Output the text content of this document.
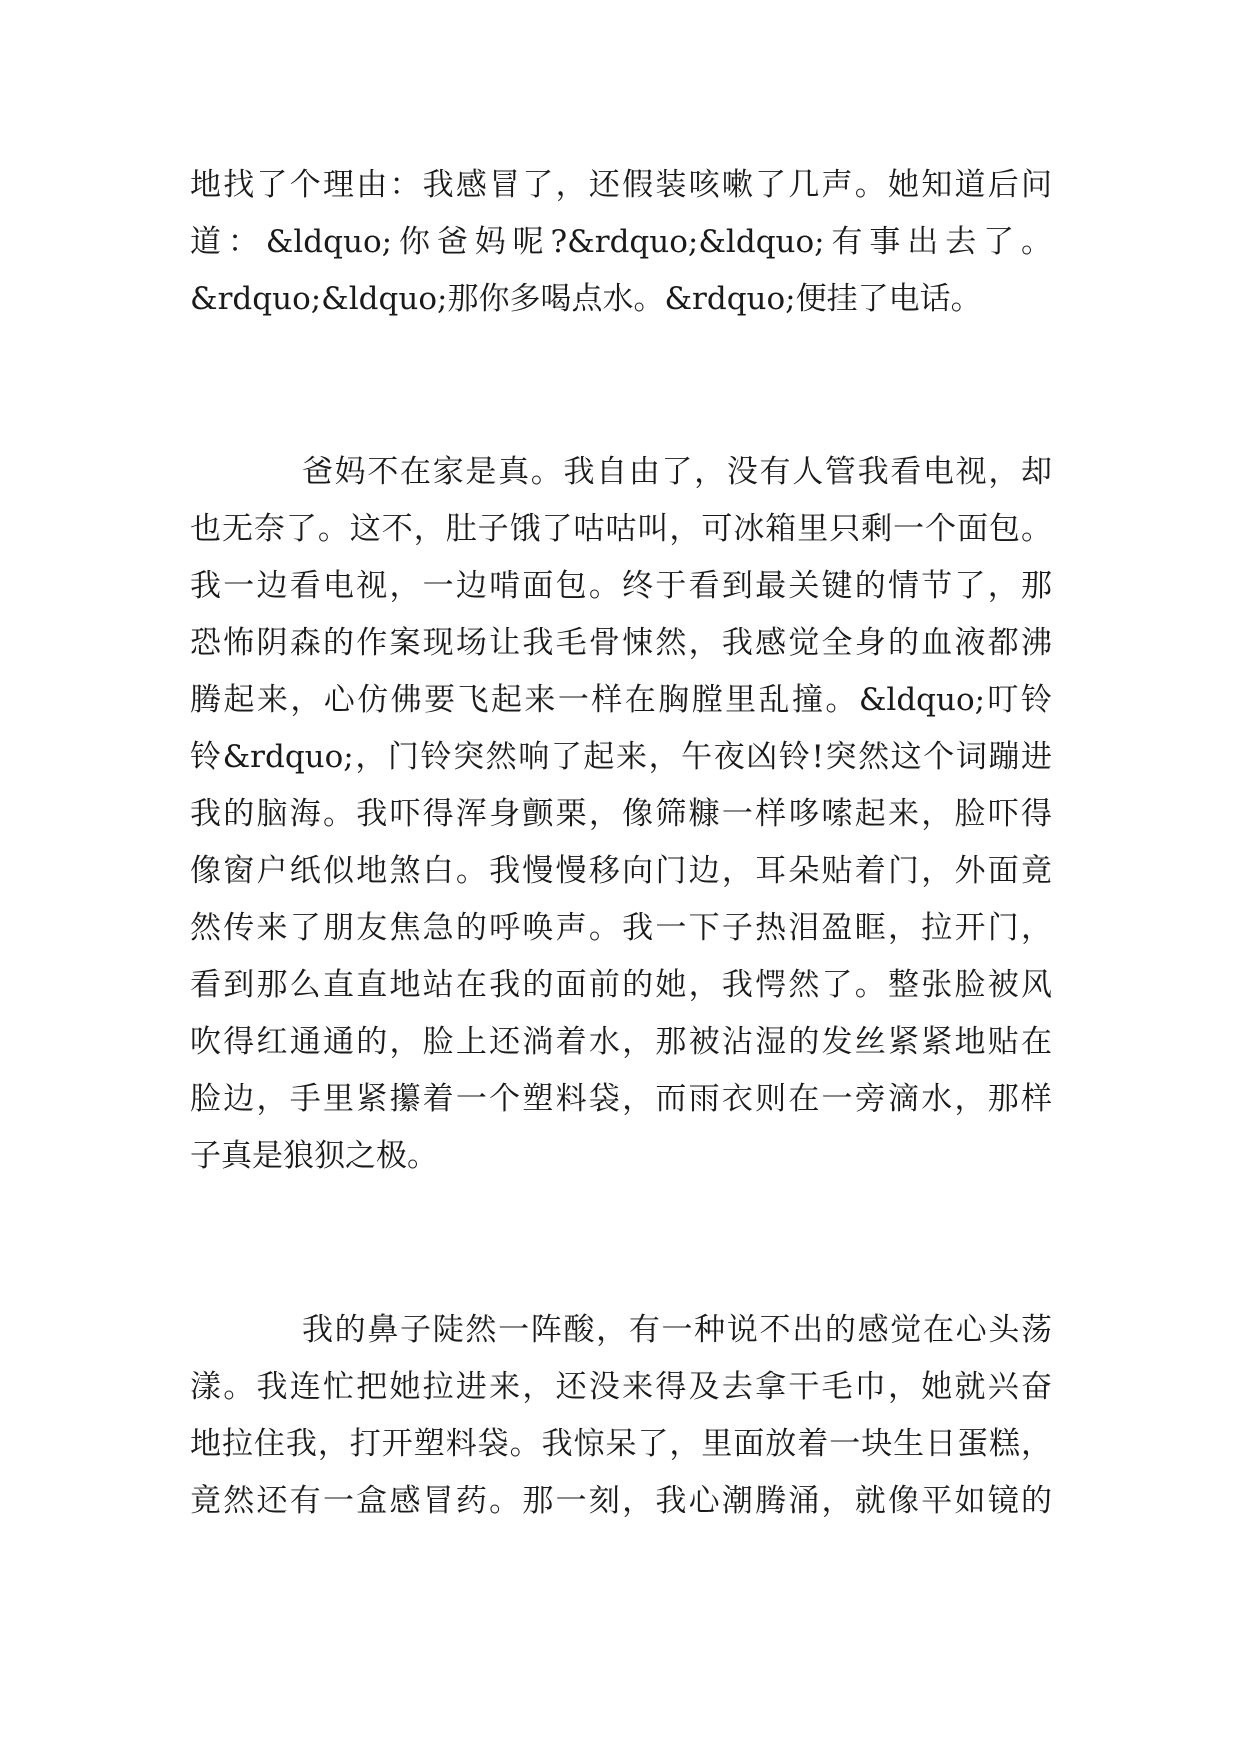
地找了个理由：我感冒了，还假装咳嗽了几声。她知道后问
道：&ldquo;你爸妈呢?&rdquo;&ldquo;有事出去了。
&rdquo;&ldquo;那你多喝点水。&rdquo;便挂了电话。
爸妈不在家是真。我自由了，没有人管我看电视，却
也无奈了。这不，肚子饿了咕咕叫，可冰箱里只剩一个面包。
我一边看电视，一边啃面包。终于看到最关键的情节了，那
恐怖阴森的作案现场让我毛骨悚然，我感觉全身的血液都沸
腾起来，心仿佛要飞起来一样在胸膛里乱撞。&ldquo;叮铃
铃&rdquo;，门铃突然响了起来，午夜凶铃!突然这个词蹦进
我的脑海。我吓得浑身颤栗，像筛糠一样哆嗦起来，脸吓得
像窗户纸似地煞白。我慢慢移向门边，耳朵贴着门，外面竟
然传来了朋友焦急的呼唤声。我一下子热泪盈眶，拉开门，
看到那么直直地站在我的面前的她，我愕然了。整张脸被风
吹得红通通的，脸上还淌着水，那被沾湿的发丝紧紧地贴在
脸边，手里紧攥着一个塑料袋，而雨衣则在一旁滴水，那样
子真是狼狈之极。
我的鼻子陡然一阵酸，有一种说不出的感觉在心头荡
漾。我连忙把她拉进来，还没来得及去拿干毛巾，她就兴奋
地拉住我，打开塑料袋。我惊呆了，里面放着一块生日蛋糕，
竟然还有一盒感冒药。那一刻，我心潮腾涌，就像平如镜的
